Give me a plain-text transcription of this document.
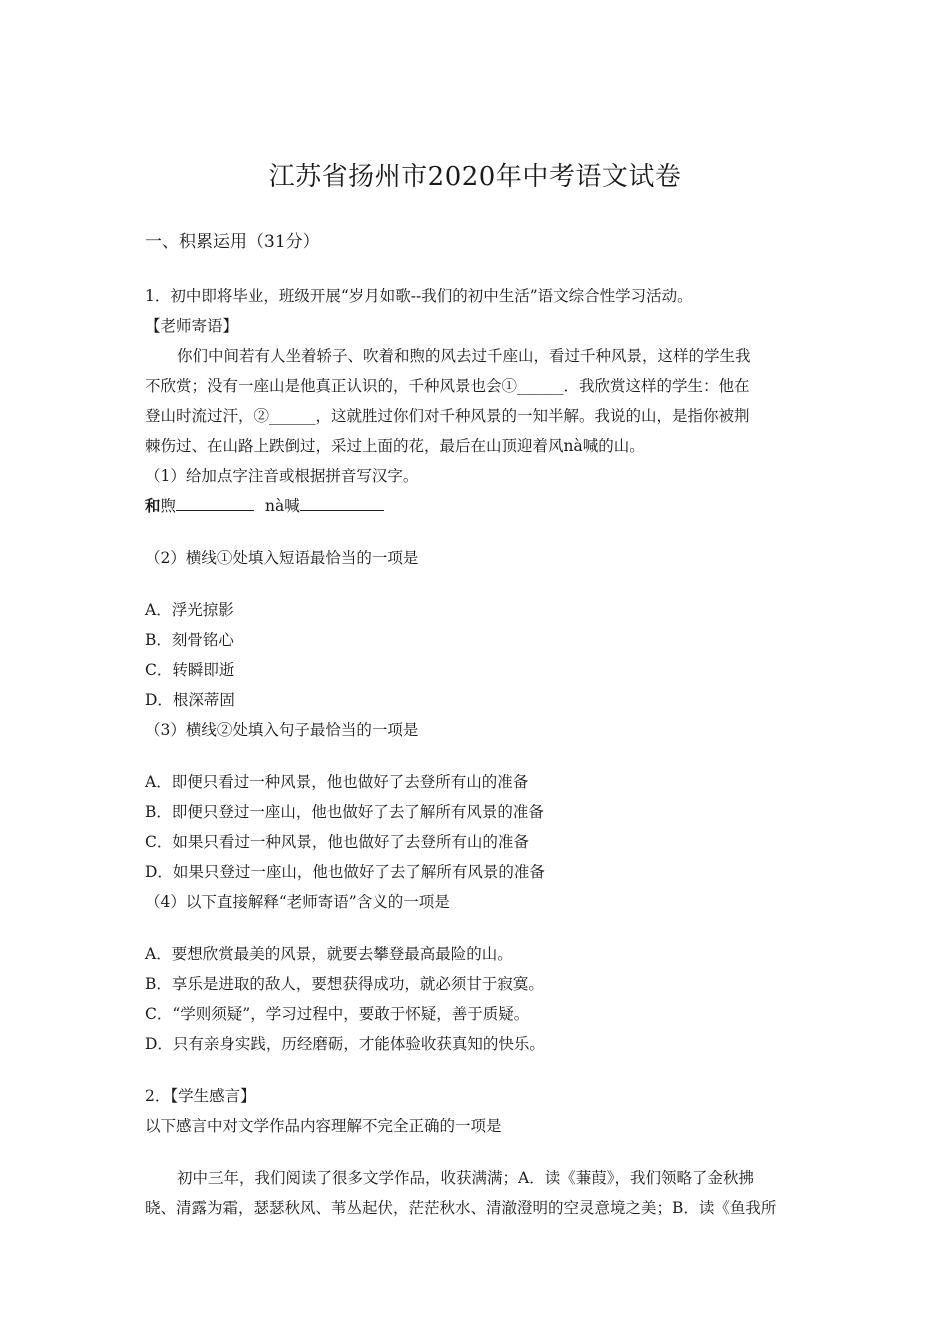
江苏省扬州市2020年中考语文试卷
一、积累运用（31分）
1．初中即将毕业，班级开展“岁月如歌--我们的初中生活”语文综合性学习活动。
【老师寄语】
你们中间若有人坐着轿子、吹着和煦的风去过千座山，看过千种风景，这样的学生我
不欣赏；没有一座山是他真正认识的，千种风景也会①______．我欣赏这样的学生：他在
登山时流过汗，②______，这就胜过你们对千种风景的一知半解。我说的山，是指你被荆
棘伤过、在山路上跌倒过，采过上面的花，最后在山顶迎着风nà喊的山。
（1）给加点字注音或根据拼音写汉字。
和煦	nà喊
（2）横线①处填入短语最恰当的一项是
A．浮光掠影
B．刻骨铭心
C．转瞬即逝
D．根深蒂固
（3）横线②处填入句子最恰当的一项是
A．即便只看过一种风景，他也做好了去登所有山的准备
B．即便只登过一座山，他也做好了去了解所有风景的准备
C．如果只看过一种风景，他也做好了去登所有山的准备
D．如果只登过一座山，他也做好了去了解所有风景的准备
（4）以下直接解释“老师寄语”含义的一项是
A．要想欣赏最美的风景，就要去攀登最高最险的山。
B．享乐是进取的敌人，要想获得成功，就必须甘于寂寞。
C．“学则须疑”，学习过程中，要敢于怀疑，善于质疑。
D．只有亲身实践，历经磨砺，才能体验收获真知的快乐。
2．【学生感言】
以下感言中对文学作品内容理解不完全正确的一项是
初中三年，我们阅读了很多文学作品，收获满满；A．读《蒹葭》，我们领略了金秋拂
晓、清露为霜，瑟瑟秋风、苇丛起伏，茫茫秋水、清澈澄明的空灵意境之美；B．读《鱼我所
